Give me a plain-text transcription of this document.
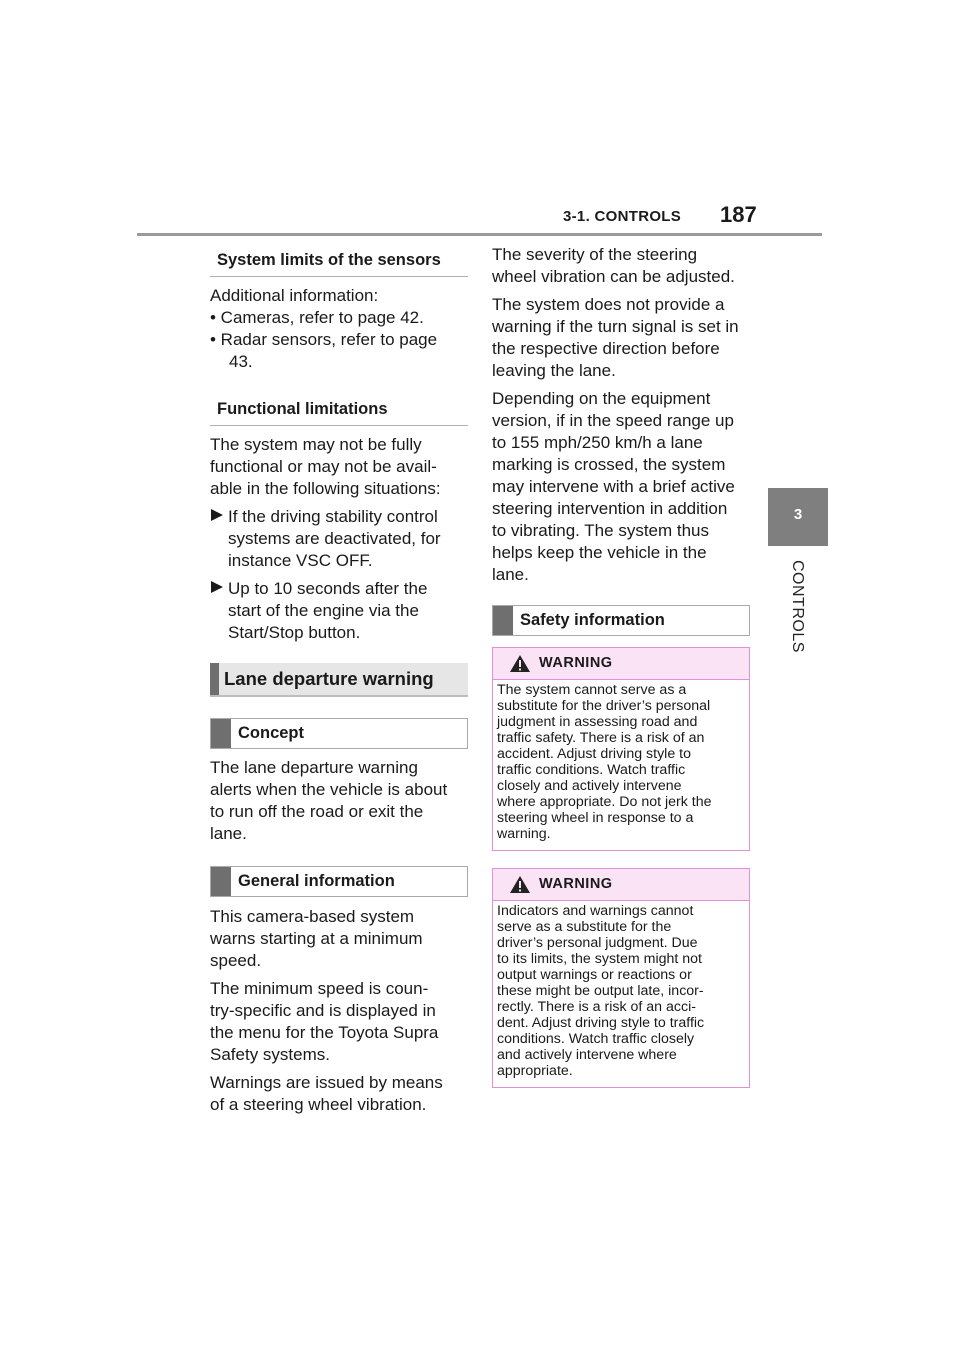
3-1. CONTROLS 187
3
CONTROLS
System limits of the sensors

Additional information:

• Cameras, refer to page 42.

• Radar sensors, refer to page

43.

Functional limitations

The system may not be fully

functional or may not be avail-

able in the following situations:

If the driving stability control

systems are deactivated, for

instance VSC OFF.

Up to 10 seconds after the

start of the engine via the

Start/Stop button.

Lane departure warning
Concept

The lane departure warning

alerts when the vehicle is about

to run off the road or exit the

lane.

General information

This camera-based system

warns starting at a minimum

speed.

The minimum speed is coun-

try-specific and is displayed in

the menu for the Toyota Supra

Safety systems.

Warnings are issued by means

of a steering wheel vibration.

The severity of the steering

wheel vibration can be adjusted.

The system does not provide a

warning if the turn signal is set in

the respective direction before

leaving the lane.

Depending on the equipment

version, if in the speed range up

to 155 mph/250 km/h a lane

marking is crossed, the system

may intervene with a brief active

steering intervention in addition

to vibrating. The system thus

helps keep the vehicle in the

lane.

Safety information
WARNING
The system cannot serve as a
substitute for the driver’s personal
judgment in assessing road and
traffic safety. There is a risk of an
accident. Adjust driving style to
traffic conditions. Watch traffic
closely and actively intervene
where appropriate. Do not jerk the
steering wheel in response to a
warning.
WARNING
Indicators and warnings cannot
serve as a substitute for the
driver’s personal judgment. Due
to its limits, the system might not
output warnings or reactions or
these might be output late, incor-
rectly. There is a risk of an acci-
dent. Adjust driving style to traffic
conditions. Watch traffic closely
and actively intervene where
appropriate.
